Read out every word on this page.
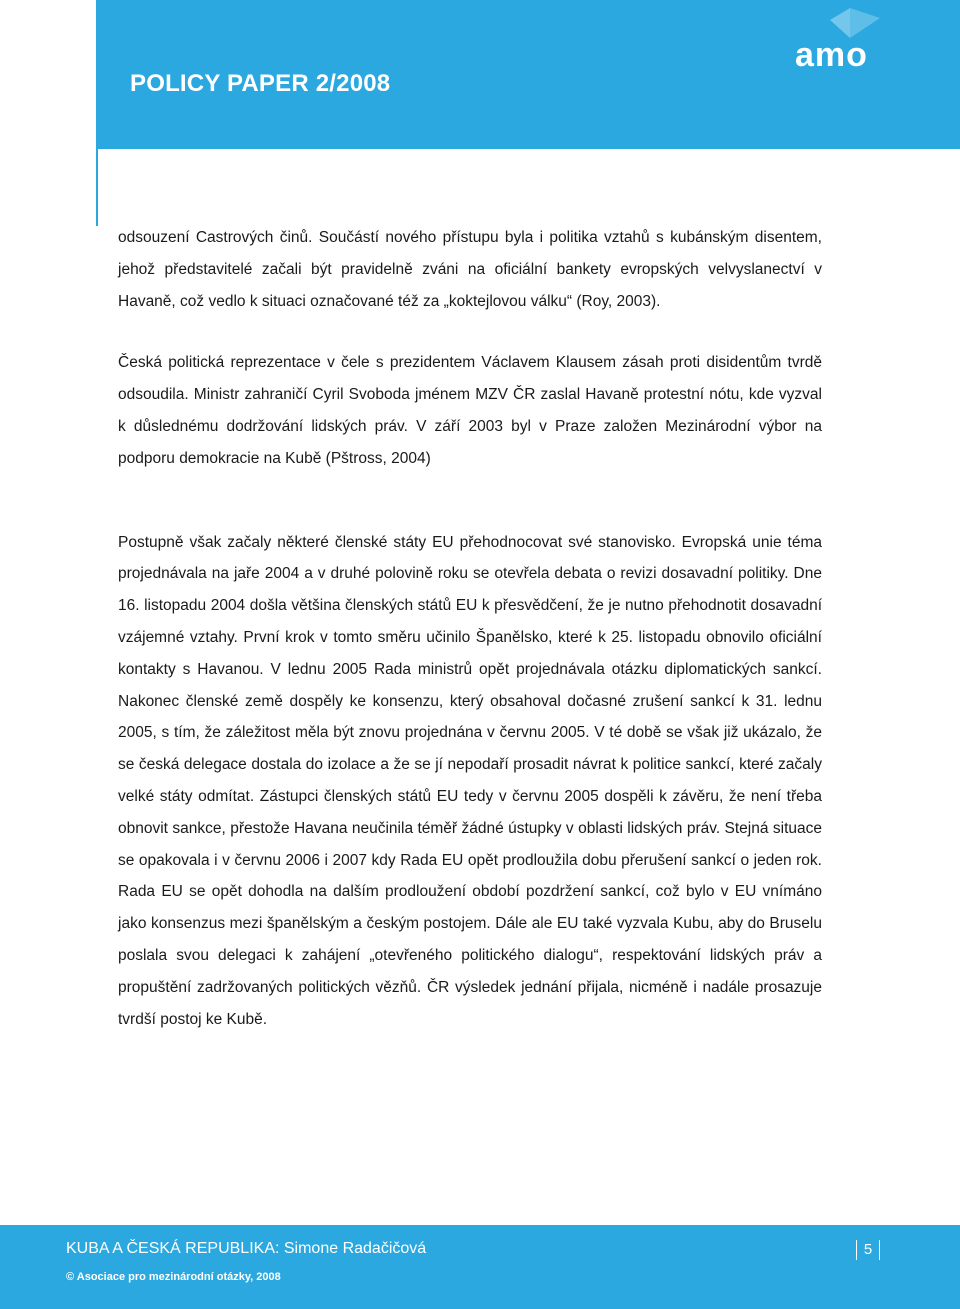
POLICY PAPER 2/2008
amo

odsouzení Castrových činů. Součástí nového přístupu byla i politika vztahů s kubánským disentem, jehož představitelé začali být pravidelně zváni na oficiální bankety evropských velvyslanectví v Havaně, což vedlo k situaci označované též za „koktejlovou válku“ (Roy, 2003).

Česká politická reprezentace v čele s prezidentem Václavem Klausem zásah proti disidentům tvrdě odsoudila. Ministr zahraničí Cyril Svoboda jménem MZV ČR zaslal Havaně protestní nótu, kde vyzval k důslednému dodržování lidských práv. V září 2003 byl v Praze založen Mezinárodní výbor na podporu demokracie na Kubě (Pštross, 2004)

Postupně však začaly některé členské státy EU přehodnocovat své stanovisko. Evropská unie téma projednávala na jaře 2004 a v druhé polovině roku se otevřela debata o revizi dosavadní politiky. Dne 16. listopadu 2004 došla většina členských států EU k přesvědčení, že je nutno přehodnotit dosavadní vzájemné vztahy. První krok v tomto směru učinilo Španělsko, které k 25. listopadu obnovilo oficiální kontakty s Havanou. V lednu 2005 Rada ministrů opět projednávala otázku diplomatických sankcí. Nakonec členské země dospěly ke konsenzu, který obsahoval dočasné zrušení sankcí k 31. lednu 2005, s tím, že záležitost měla být znovu projednána v červnu 2005. V té době se však již ukázalo, že se česká delegace dostala do izolace a že se jí nepodaří prosadit návrat k politice sankcí, které začaly velké státy odmítat. Zástupci členských států EU tedy v červnu 2005 dospěli k závěru, že není třeba obnovit sankce, přestože Havana neučinila téměř žádné ústupky v oblasti lidských práv. Stejná situace se opakovala i v červnu 2006 i 2007 kdy Rada EU opět prodloužila dobu přerušení sankcí o jeden rok. Rada EU se opět dohodla na dalším prodloužení období pozdržení sankcí, což bylo v EU vnímáno jako konsenzus mezi španělským a českým postojem. Dále ale EU také vyzvala Kubu, aby do Bruselu poslala svou delegaci k zahájení „otevřeného politického dialogu“, respektování lidských práv a propuštění zadržovaných politických vězňů. ČR výsledek jednání přijala, nicméně i nadále prosazuje tvrdší postoj ke Kubě.

KUBA A ČESKÁ REPUBLIKA: Simone Radačičová
© Asociace pro mezinárodní otázky, 2008
5
